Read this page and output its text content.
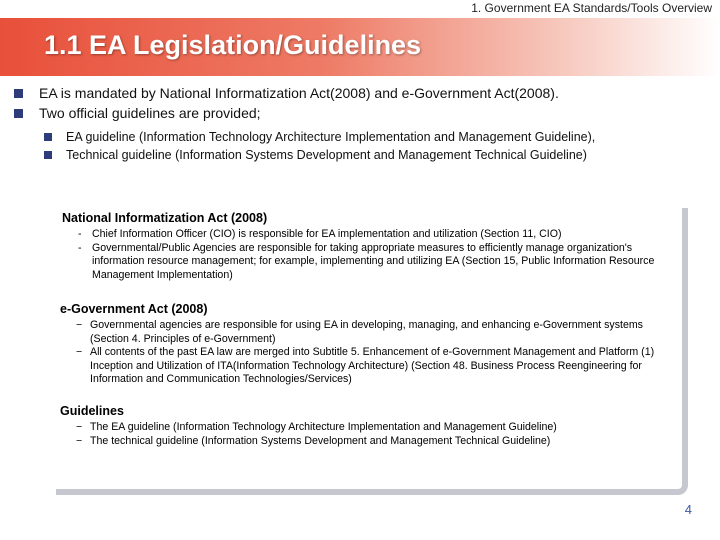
1. Government EA Standards/Tools Overview
1.1 EA Legislation/Guidelines
EA is mandated by National Informatization Act(2008) and e-Government Act(2008).
Two official guidelines are provided;
EA guideline (Information Technology Architecture Implementation and Management Guideline),
Technical guideline (Information Systems Development and Management Technical Guideline)
National Informatization Act (2008)
- Chief Information Officer (CIO) is responsible for EA implementation and utilization (Section 11, CIO)
- Governmental/Public Agencies are responsible for taking appropriate measures to efficiently manage organization's information resource management; for example, implementing and utilizing EA (Section 15, Public Information Resource Management Implementation)
e-Government Act (2008)
− Governmental agencies are responsible for using EA in developing, managing, and enhancing e-Government systems (Section 4. Principles of e-Government)
− All contents of the past EA law are merged into Subtitle 5. Enhancement of e-Government Management and Platform (1) Inception and Utilization of ITA(Information Technology Architecture) (Section 48. Business Process Reengineering for Information and Communication Technologies/Services)
Guidelines
− The EA guideline (Information Technology Architecture Implementation and Management Guideline)
− The technical guideline (Information Systems Development and Management Technical Guideline)
4
